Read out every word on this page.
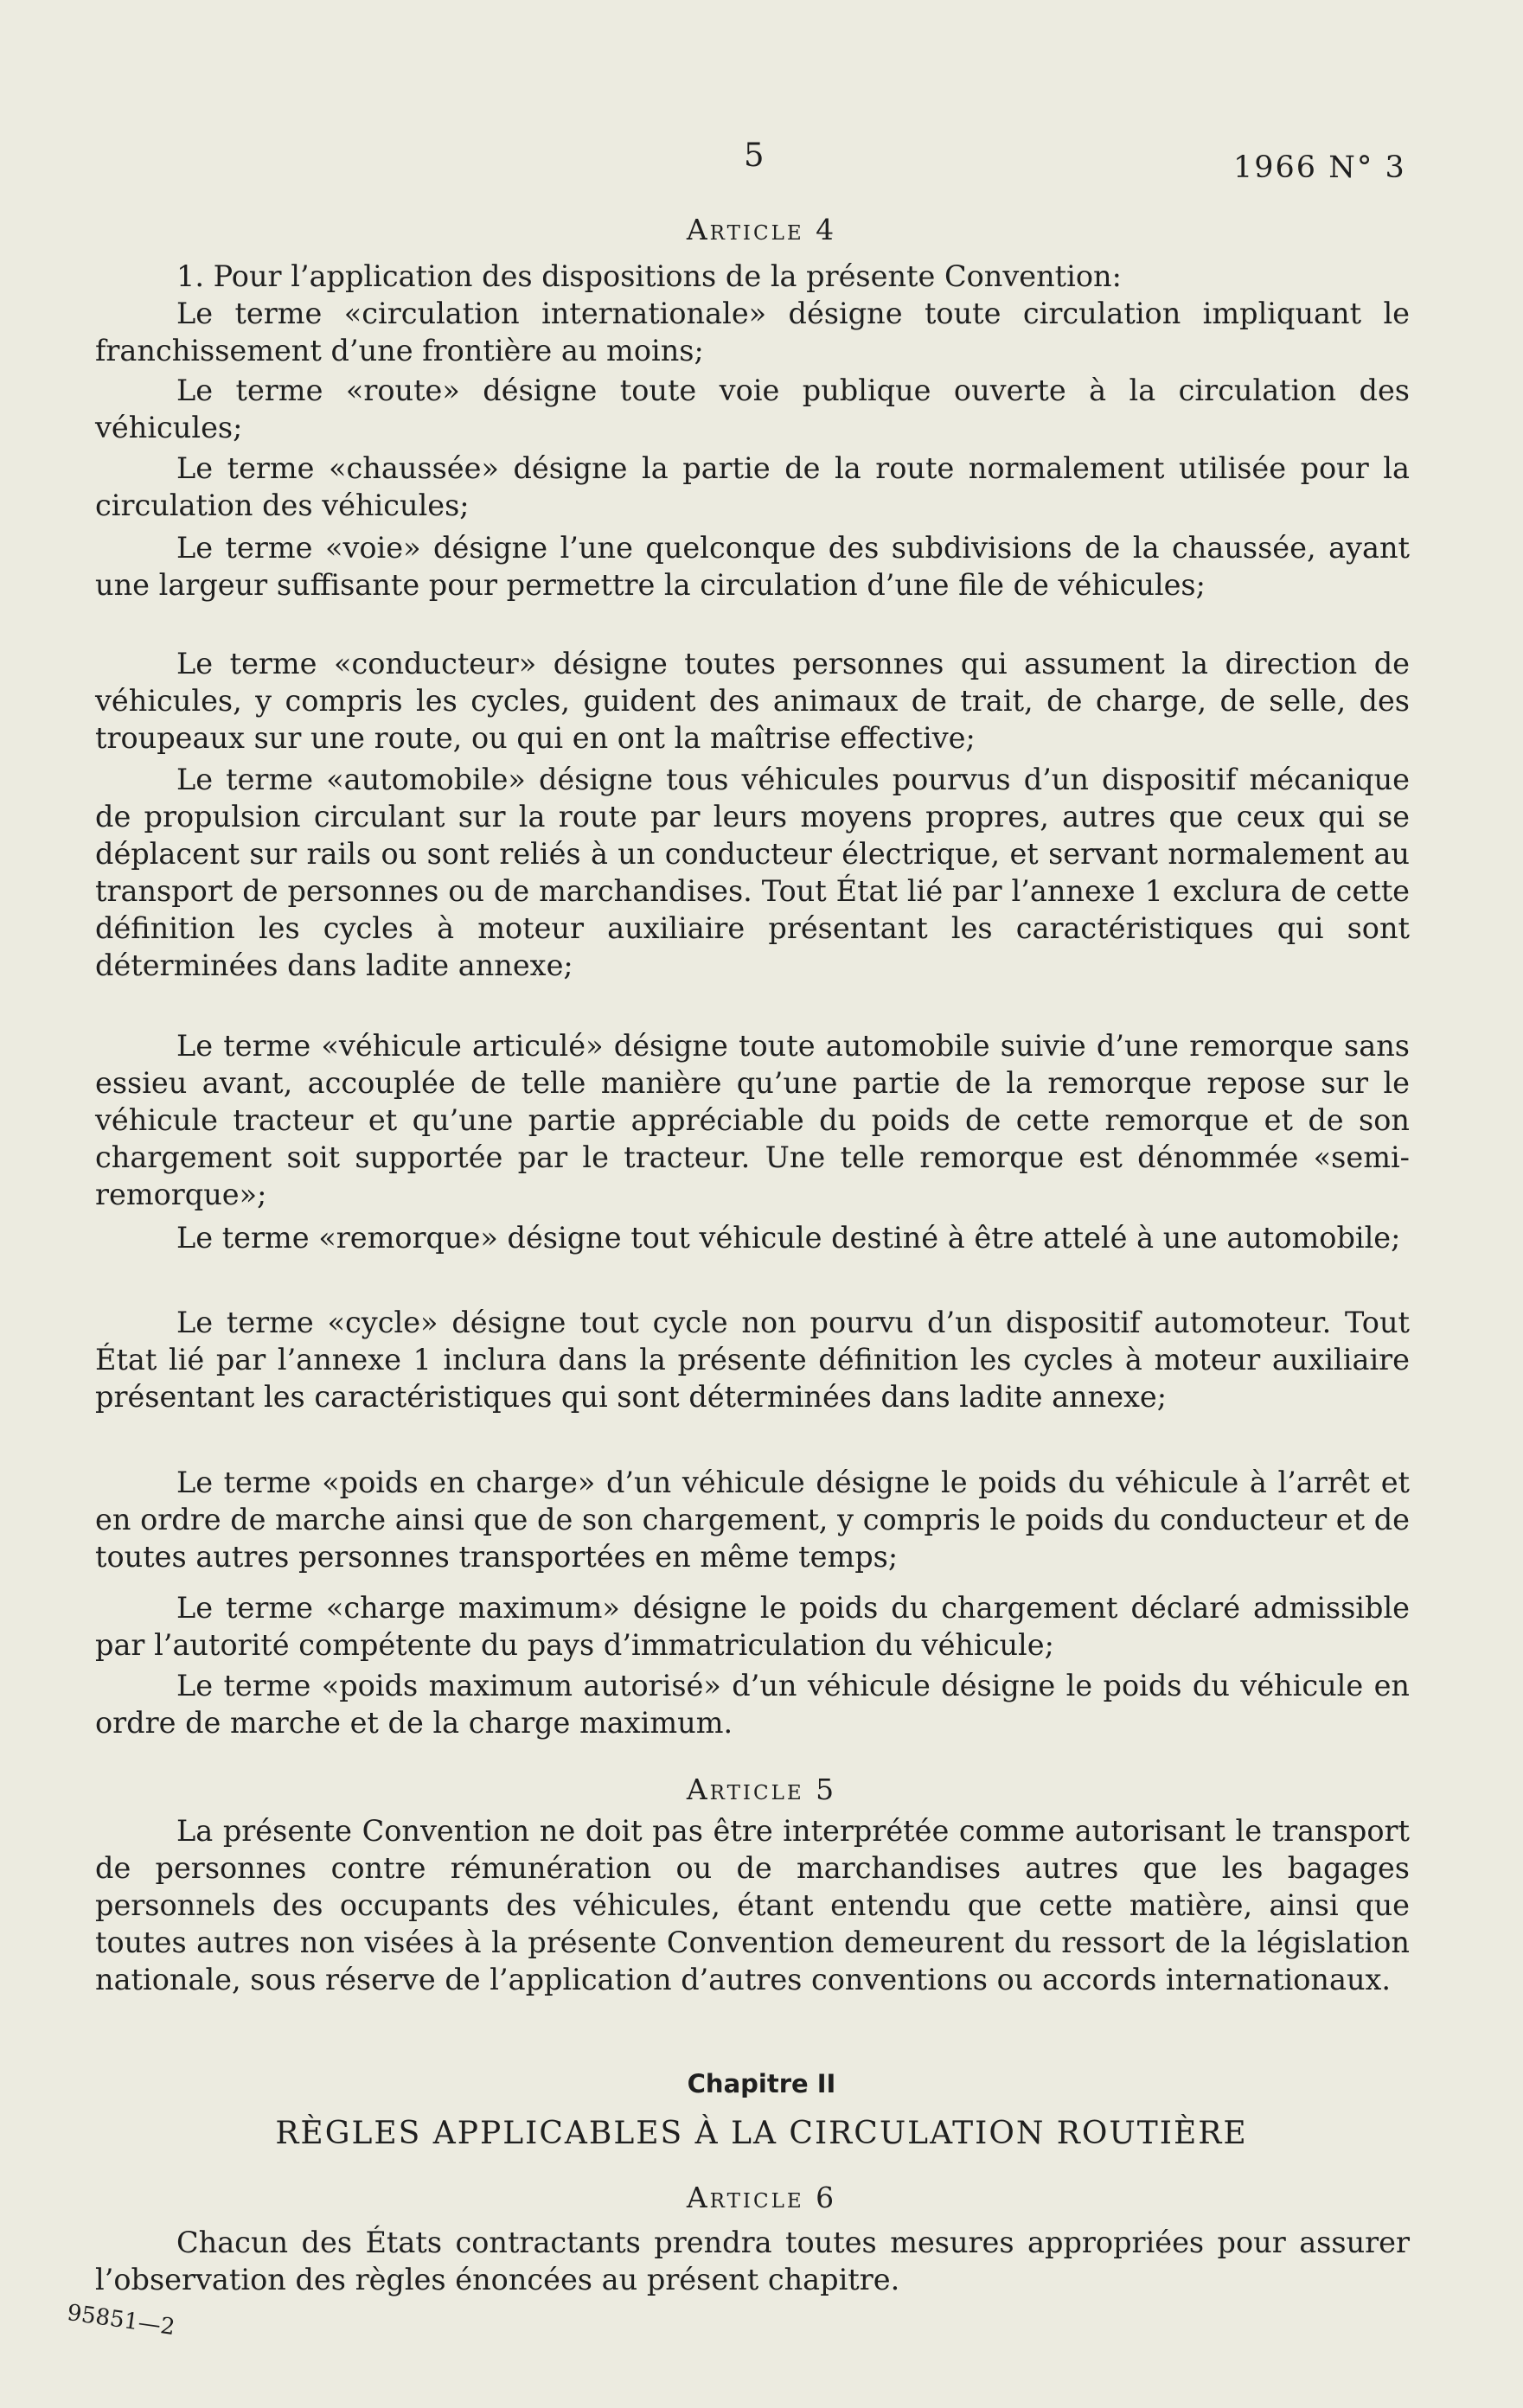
5	1966 N° 3
Article 4
1. Pour l’application des dispositions de la présente Convention:
Le terme «circulation internationale» désigne toute circulation impliquant le franchissement d’une frontière au moins;
Le terme «route» désigne toute voie publique ouverte à la circulation des véhicules;
Le terme «chaussée» désigne la partie de la route normalement utilisée pour la circulation des véhicules;
Le terme «voie» désigne l’une quelconque des subdivisions de la chaussée, ayant une largeur suffisante pour permettre la circulation d’une file de véhicules;
Le terme «conducteur» désigne toutes personnes qui assument la direction de véhicules, y compris les cycles, guident des animaux de trait, de charge, de selle, des troupeaux sur une route, ou qui en ont la maîtrise effective;
Le terme «automobile» désigne tous véhicules pourvus d’un dispositif mécanique de propulsion circulant sur la route par leurs moyens propres, autres que ceux qui se déplacent sur rails ou sont reliés à un conducteur électrique, et servant normalement au transport de personnes ou de marchandises. Tout État lié par l’annexe 1 exclura de cette définition les cycles à moteur auxiliaire présentant les caractéristiques qui sont déterminées dans ladite annexe;
Le terme «véhicule articulé» désigne toute automobile suivie d’une remorque sans essieu avant, accouplée de telle manière qu’une partie de la remorque repose sur le véhicule tracteur et qu’une partie appréciable du poids de cette remorque et de son chargement soit supportée par le tracteur. Une telle remorque est dénommée «semi-remorque»;
Le terme «remorque» désigne tout véhicule destiné à être attelé à une automobile;
Le terme «cycle» désigne tout cycle non pourvu d’un dispositif automoteur. Tout État lié par l’annexe 1 inclura dans la présente définition les cycles à moteur auxiliaire présentant les caractéristiques qui sont déterminées dans ladite annexe;
Le terme «poids en charge» d’un véhicule désigne le poids du véhicule à l’arrêt et en ordre de marche ainsi que de son chargement, y compris le poids du conducteur et de toutes autres personnes transportées en même temps;
Le terme «charge maximum» désigne le poids du chargement déclaré admissible par l’autorité compétente du pays d’immatriculation du véhicule;
Le terme «poids maximum autorisé» d’un véhicule désigne le poids du véhicule en ordre de marche et de la charge maximum.
Article 5
La présente Convention ne doit pas être interprétée comme autorisant le transport de personnes contre rémunération ou de marchandises autres que les bagages personnels des occupants des véhicules, étant entendu que cette matière, ainsi que toutes autres non visées à la présente Convention demeurent du ressort de la législation nationale, sous réserve de l’application d’autres conventions ou accords internationaux.
Chapitre II
RÈGLES APPLICABLES À LA CIRCULATION ROUTIÈRE
Article 6
Chacun des États contractants prendra toutes mesures appropriées pour assurer l’observation des règles énoncées au présent chapitre.
95851—2
